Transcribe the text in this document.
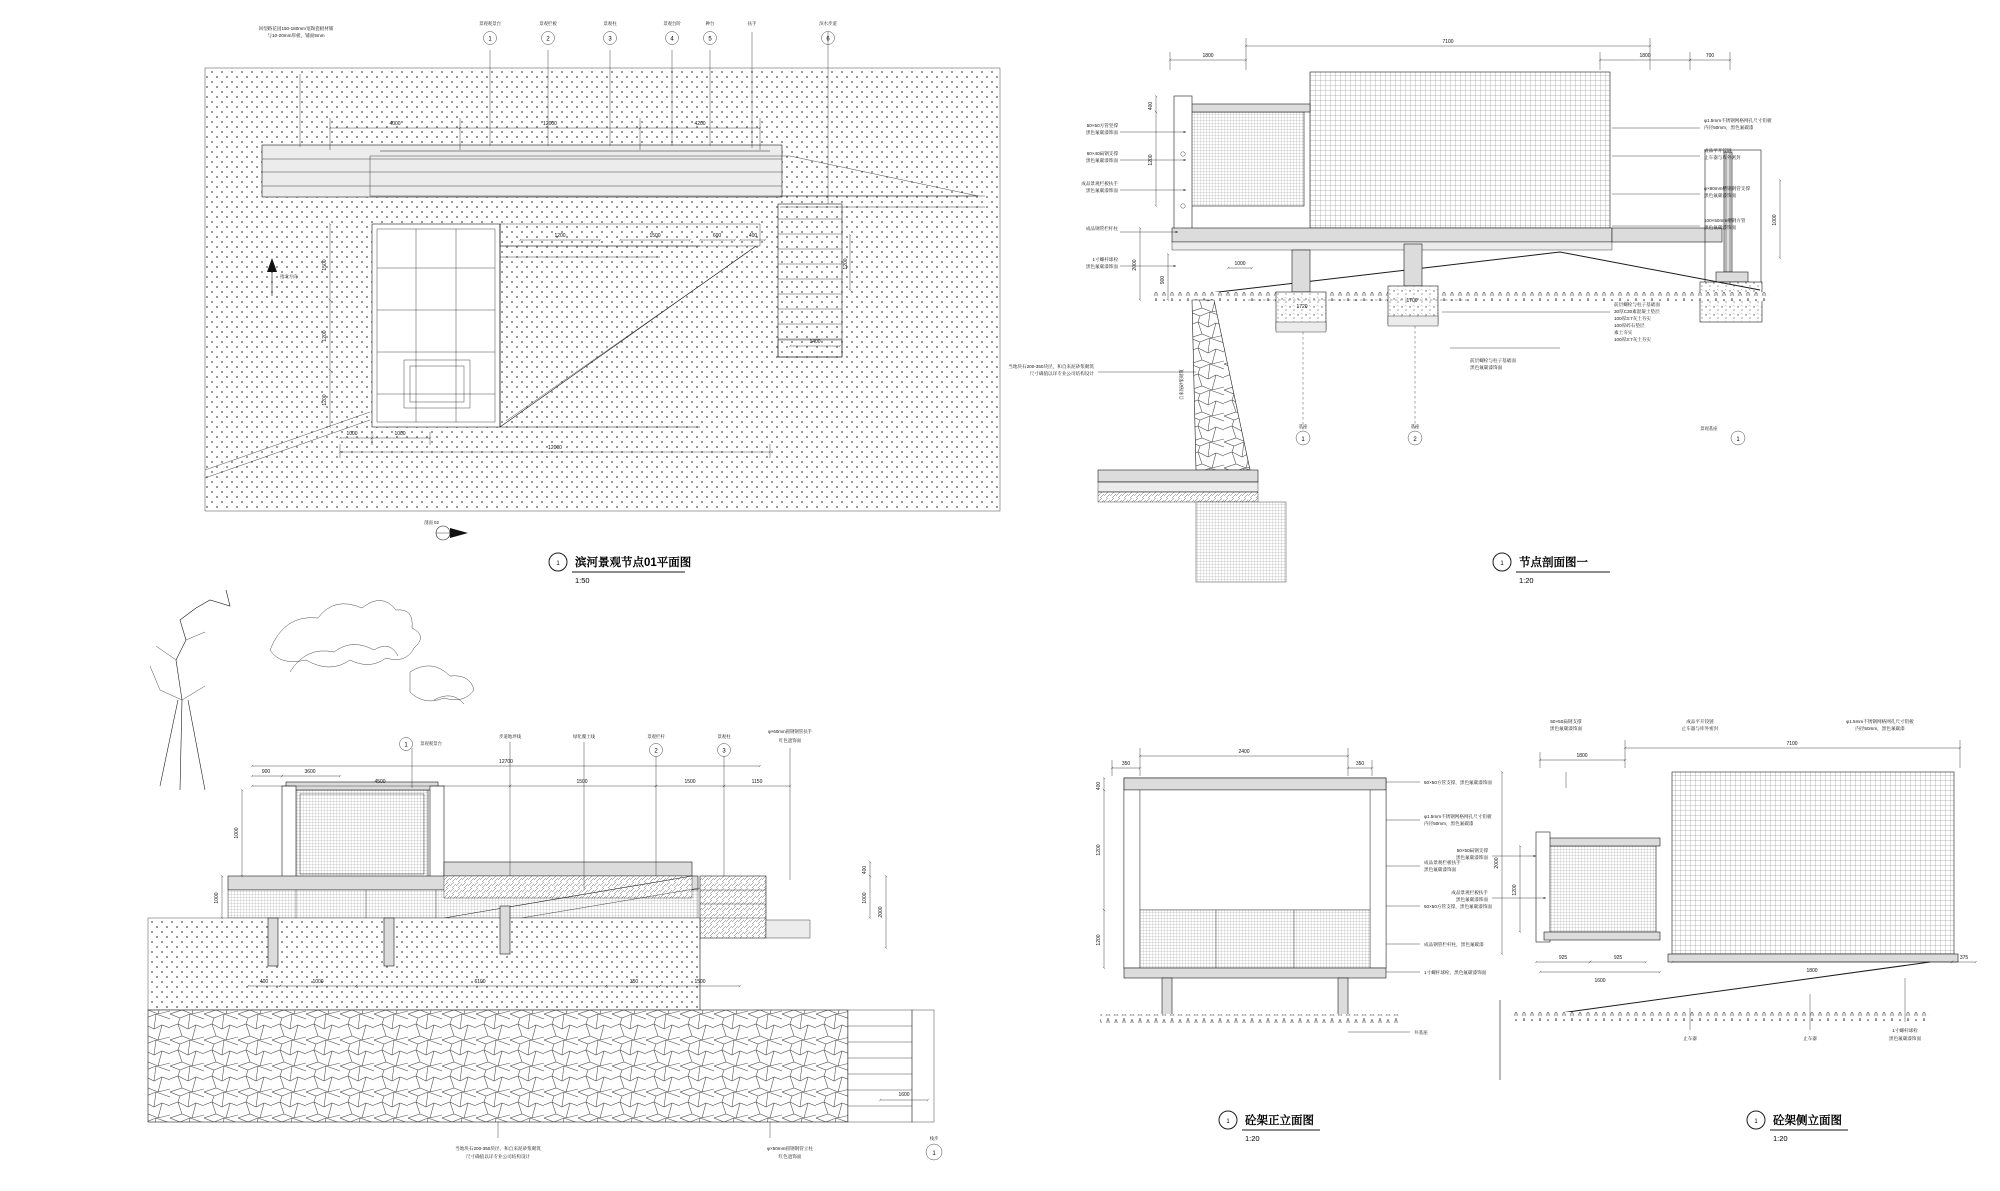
指北方向
剖面 02
回型路花园150-180mm宽陶瓷板材铺
与10-20mm厚板，铺面5mm
景观观景台
1
景观栏板
2
景观柱
3
景观台阶
4
种台
5
扶手	滨水步道
6
4000	12000	4200
1200	1500	600	400
1500
1200
1200
1200
1400
1000	1000
12000
1 滨河景观节点01平面图
1:50
1800
7100
1800	700
自来泥砂浆砌筑
50×50方管竖撑
黑色氟碳漆饰面
60×40扁钢支撑
黑色氟碳漆饰面
成品景观栏板扶手
黑色氟碳漆饰面
成品钢管栏杆柱
1寸螺杆球栓
黑色氟碳漆饰面
φ1.5mm不锈钢网格网孔尺寸铝板
内径50mm，黑色氟碳漆
成品平开铰链
止车器与库外密封
φ×80mm槽钢钢管支撑
黑色氟碳漆饰面
100×50mm槽钢方管
黑色氟碳漆饰面
前层螺栓与柱子基础面
30厚C30素混凝土垫层
100厚3:7灰土夯实
100厚碎石垫层
素土夯实
100厚3:7灰土夯实
前层螺栓与柱子基础面
黑色氟碳漆饰面
1
景观基座
当地块石200-350块径，和自来泥砂浆砌筑
尺寸确值以详专业公司结构设计
1
基座
2
基座
400
1200
2000
900
1000
1720
1700
1000
1 节点剖面图一
1:20
景观观景台
1
步道地坪线	绿化覆土线	景观栏杆
2
景观柱
3
φ×60mm圆钢钢管扶手
红色遮饰面
900	3600
12700
4500	1500	1500	1150
1000
1000
400
1000
2000
1600
400	1000	6100	350	1500
当地块石200-350块径，和自来泥砂浆砌筑
尺寸确值以详专业公司结构设计
φ×50mm圆钢钢管立柱
红色遮饰面	1
栈步
350
2400
350
400
1200
1200
50×50方管支撑，黑色氟碳漆饰面
φ1.5mm不锈钢网格网孔尺寸铝板
内径50mm，黑色氟碳漆
成品景观栏板扶手
黑色氟碳漆饰面
50×50方管支撑，黑色氟碳漆饰面
成品钢管栏杆柱，黑色氟碳漆
1寸螺杆球栓，黑色氟碳漆饰面
井基座
1 砼架正立面图
1:20
1800
7100
50×50扁钢支撑
黑色氟碳漆饰面
成品平开铰链
止车器与库外密封
φ1.5mm不锈钢网格网孔尺寸铝板
内径50mm，黑色氟碳漆
1200
2000
50×50扁钢支撑
黑色氟碳漆饰面
成品景观栏板扶手
黑色氟碳漆饰面
925	925
1600
1800
375
止车器	止车器
1寸螺杆球栓
黑色氟碳漆饰面
1 砼架侧立面图
1:20
